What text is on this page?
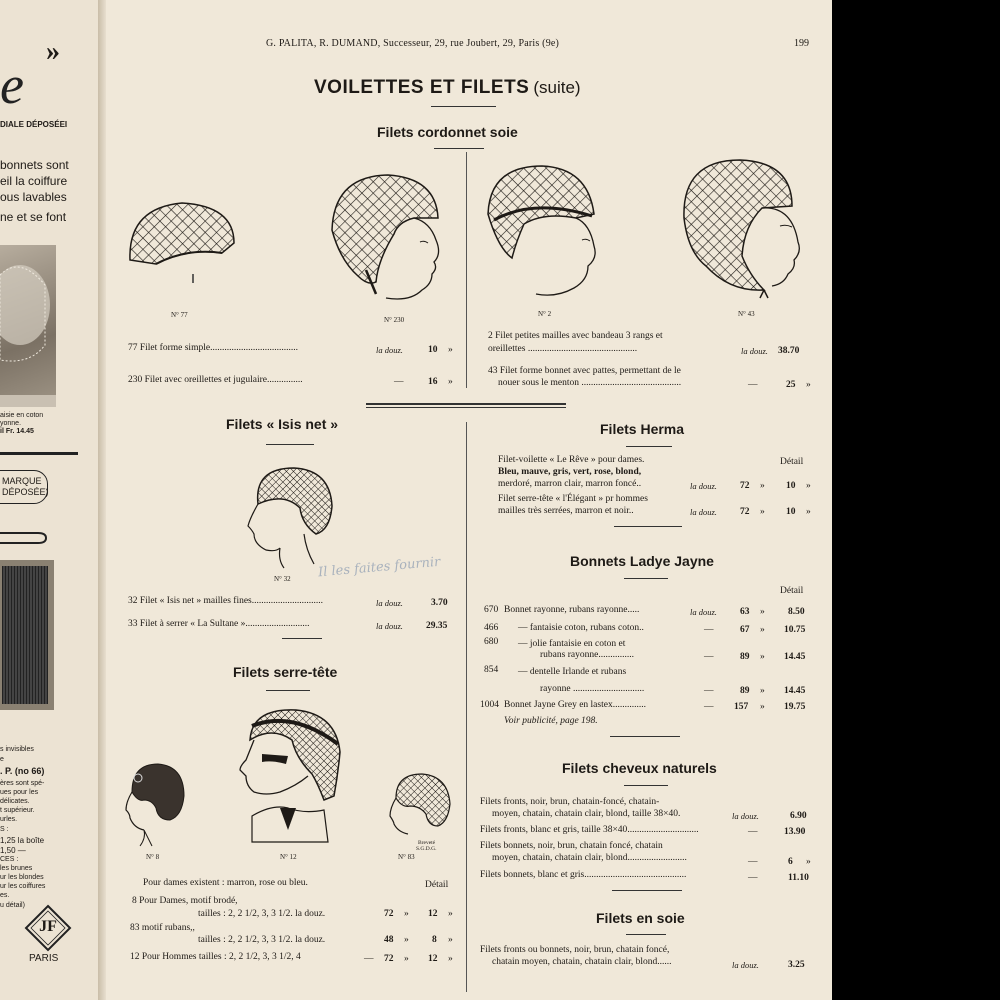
e
»
DIALE DÉPOSÉEI
bonnets sont
eil la coiffure
ous lavables
ne et se font
aisie en coton
yonne.
il Fr. 14.45
MARQUE
DÉPOSÉE)
s invisibles
e
. P. (no 66)
ères sont spé-
ues pour les
délicates.
t supérieur.
urles.
S :
1,25 la boîte
1,50 —
CES :
les brunes
ur les blondes
ur les coiffures
es.
u détail)
JF
PARIS
G. PALITA, R. DUMAND, Successeur, 29, rue Joubert, 29, Paris (9e)	199
VOILETTES ET FILETS (suite)
Filets cordonnet soie
N° 77
N° 230
N° 2	N° 43
77 Filet forme simple.....................................	la douz.	10 »
230 Filet avec oreillettes et jugulaire...............	—	16 »
2 Filet petites mailles avec bandeau 3 rangs et
oreillettes ..............................................	la douz. 38.70
43 Filet forme bonnet avec pattes, permettant de le
nouer sous le menton ..........................................	—	25 »
Filets « Isis net »
N° 32 Il les faites fournir
32 Filet « Isis net » mailles fines..............................	la douz.	3.70
33 Filet à serrer « La Sultane »...........................	la douz. 29.35
Filets serre-tête
N° 8	N° 12	N° 83
Breveté
S.G.D.G.
Pour dames existent : marron, rose ou bleu.	Détail
8 Pour Dames, motif brodé,
tailles : 2, 2 1/2, 3, 3 1/2. la douz.	72 » 12 »
83 motif rubans,,
tailles : 2, 2 1/2, 3, 3 1/2. la douz.	48 » 8 »
12 Pour Hommes tailles : 2, 2 1/2, 3, 3 1/2, 4	— 72 » 12 »
Filets Herma
Détail
Filet-voilette « Le Rêve » pour dames.
Bleu, mauve, gris, vert, rose, blond,
merdoré, marron clair, marron foncé..	la douz. 72 » 10 »
Filet serre-tête « l'Élégant » pr hommes
mailles très serrées, marron et noir..	la douz. 72 » 10 »
Bonnets Ladye Jayne
Détail
670 Bonnet rayonne, rubans rayonne.....	la douz. 63 » 8.50
466 — fantaisie coton, rubans coton..	—	67 » 10.75
680 — jolie fantaisie en coton et
rubans rayonne...............	—	89 » 14.45
854 — dentelle Irlande et rubans
rayonne ..............................	—	89 » 14.45
1004 Bonnet Jayne Grey en lastex..............	— 157 » 19.75
Voir publicité, page 198.
Filets cheveux naturels
Filets fronts, noir, brun, chatain-foncé, chatain-
moyen, chatain, chatain clair, blond, taille 38×40.	la douz.	6.90
Filets fronts, blanc et gris, taille 38×40..............................	—	13.90
Filets bonnets, noir, brun, chatain foncé, chatain
moyen, chatain, chatain clair, blond.........................	—	6 »
Filets bonnets, blanc et gris...........................................	—	11.10
Filets en soie
Filets fronts ou bonnets, noir, brun, chatain foncé,
chatain moyen, chatain, chatain clair, blond......	la douz.	3.25
